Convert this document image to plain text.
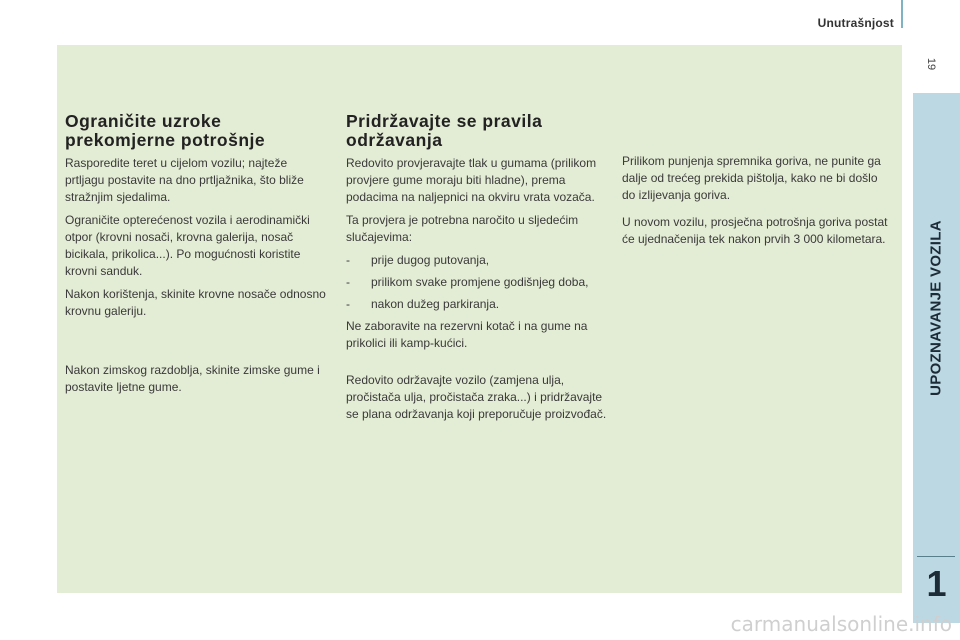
Unutrašnjost
19
Ograničite uzroke
prekomjerne potrošnje

Rasporedite teret u cijelom vozilu; najteže prtljagu postavite na dno prtljažnika, što bliže stražnjim sjedalima.

Ograničite opterećenost vozila i aerodinamički otpor (krovni nosači, krovna galerija, nosač bicikala, prikolica...). Po mogućnosti koristite krovni sanduk.

Nakon korištenja, skinite krovne nosače odnosno krovnu galeriju.

Nakon zimskog razdoblja, skinite zimske gume i postavite ljetne gume.

Pridržavajte se pravila
održavanja

Redovito provjeravajte tlak u gumama (prilikom provjere gume moraju biti hladne), prema podacima na naljepnici na okviru vrata vozača.

Ta provjera je potrebna naročito u sljedećim slučajevima:

- prije dugog putovanja,
- prilikom svake promjene godišnjeg doba,
- nakon dužeg parkiranja.

Ne zaboravite na rezervni kotač i na gume na prikolici ili kamp-kućici.

Redovito održavajte vozilo (zamjena ulja, pročistača ulja, pročistača zraka...) i pridržavajte se plana održavanja koji preporučuje proizvođač.

Prilikom punjenja spremnika goriva, ne punite ga dalje od trećeg prekida pištolja, kako ne bi došlo do izlijevanja goriva.

U novom vozilu, prosječna potrošnja goriva postat će ujednačenija tek nakon prvih 3 000 kilometara.	UPOZNAVANJE VOZILA
1
carmanualsonline.info
